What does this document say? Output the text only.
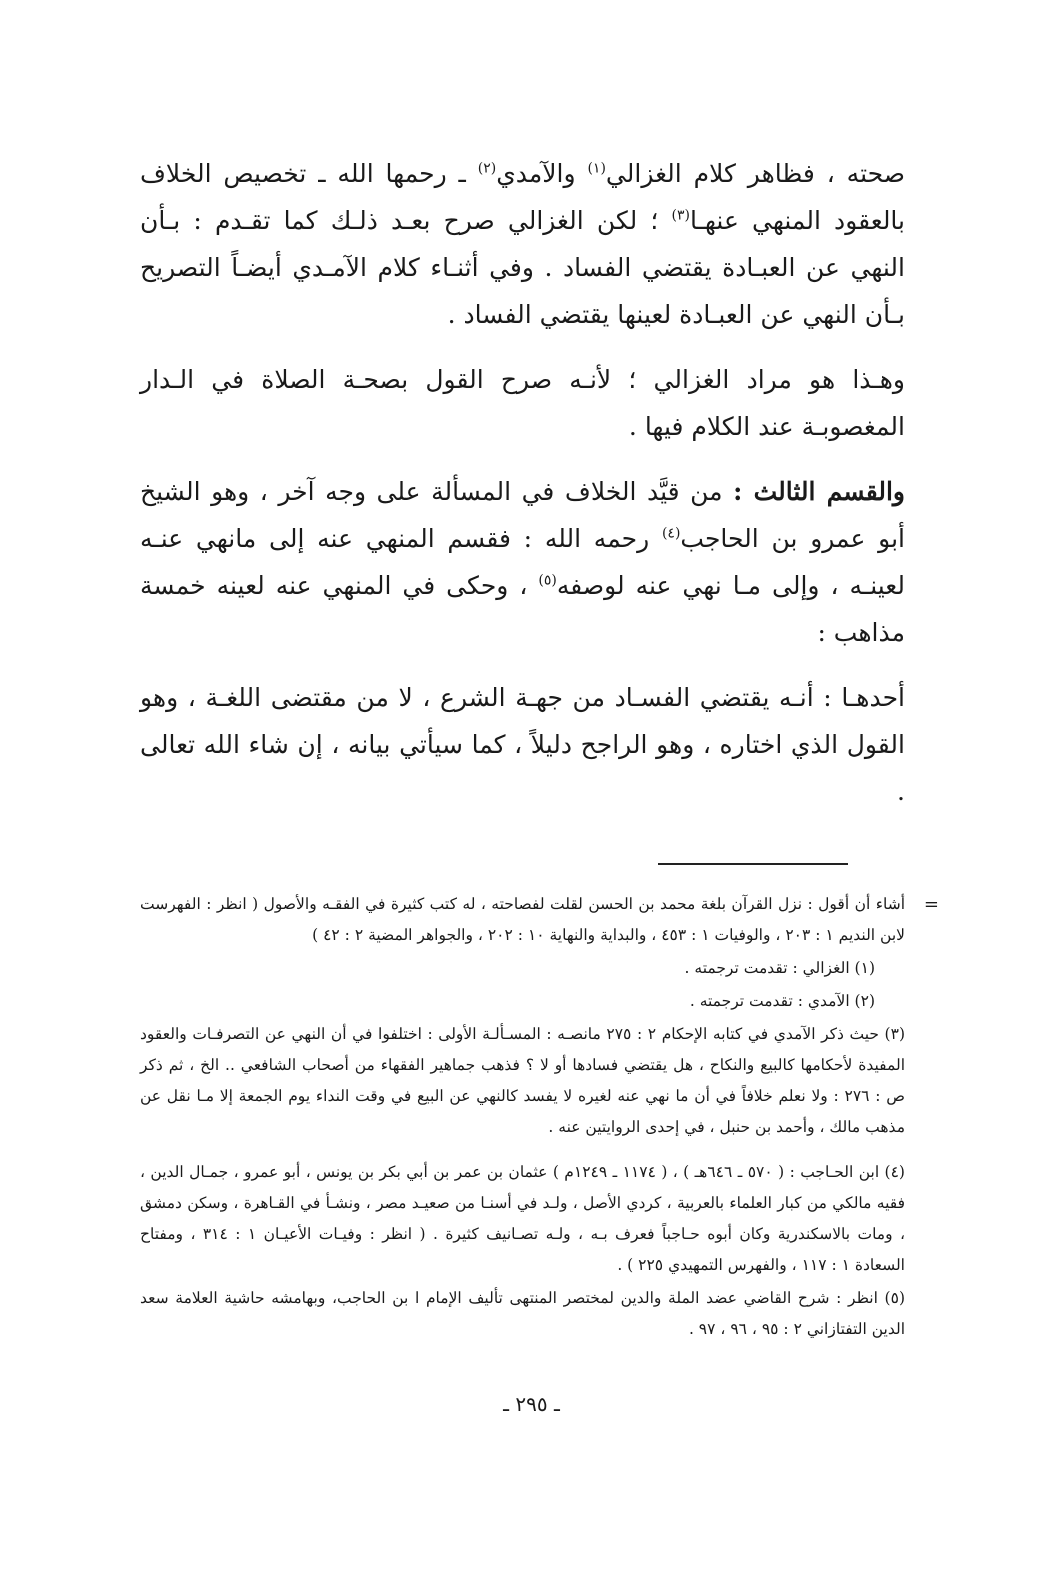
صحته ، فظاهر كلام الغزالي$^{(١)}$ والآمدي$^{(٢)}$ ـ رحمها الله ـ تخصيص الخلاف بالعقود المنهي عنهـا$^{(٣)}$ ؛ لكن الغزالي صرح بعـد ذلـك كما تقـدم : بـأن النهي عن العبـادة يقتضي الفساد . وفي أثنـاء كلام الآمـدي أيضـاً التصريح بـأن النهي عن العبـادة لعينها يقتضي الفساد .

وهـذا هو مراد الغزالي ؛ لأنـه صرح القول بصحـة الصلاة في الـدار المغصوبـة عند الكلام فيها .

والقسم الثالث : من قيَّد الخلاف في المسألة على وجه آخر ، وهو الشيخ أبو عمرو بن الحاجب$^{(٤)}$ رحمه الله : فقسم المنهي عنه إلى مانهي عنـه لعينـه ، وإلى مـا نهي عنه لوصفه$^{(٥)}$ ، وحكى في المنهي عنه لعينه خمسة مذاهب :

أحدهـا : أنـه يقتضي الفسـاد من جهـة الشرع ، لا من مقتضى اللغـة ، وهو القول الذي اختاره ، وهو الراجح دليلاً ، كما سيأتي بيانه ، إن شاء الله تعالى .

=
أشاء أن أقول : نزل القرآن بلغة محمد بن الحسن لقلت لفصاحته ، له كتب كثيرة في الفقـه والأصول ( انظر : الفهرست لابن النديم ١ : ٢٠٣ ، والوفيات ١ : ٤٥٣ ، والبداية والنهاية ١٠ : ٢٠٢ ، والجواهر المضية ٢ : ٤٢ )

(١) الغزالي : تقدمت ترجمته .

(٢) الآمدي : تقدمت ترجمته .

(٣) حيث ذكر الآمدي في كتابه الإحكام ٢ : ٢٧٥ مانصـه : المسـألـة الأولى : اختلفوا في أن النهي عن التصرفـات والعقود المفيدة لأحكامها كالبيع والنكاح ، هل يقتضي فسادها أو لا ؟ فذهب جماهير الفقهاء من أصحاب الشافعي .. الخ ، ثم ذكر ص : ٢٧٦ : ولا نعلم خلافاً في أن ما نهي عنه لغيره لا يفسد كالنهي عن البيع في وقت النداء يوم الجمعة إلا مـا نقل عن مذهب مالك ، وأحمد بن حنبل ، في إحدى الروايتين عنه .

(٤) ابن الحـاجب : ( ٥٧٠ ـ ٦٤٦هـ ) ، ( ١١٧٤ ـ ١٢٤٩م ) عثمان بن عمر بن أبي بكر بن يونس ، أبو عمرو ، جمـال الدين ، فقيه مالكي من كبار العلماء بالعربية ، كردي الأصل ، ولـد في أسنـا من صعيـد مصر ، ونشـأ في القـاهرة ، وسكن دمشق ، ومات بالاسكندرية وكان أبوه حـاجباً فعرف بـه ، ولـه تصـانيف كثيرة . ( انظر : وفيـات الأعيـان ١ : ٣١٤ ، ومفتاح السعادة ١ : ١١٧ ، والفهرس التمهيدي ٢٢٥ ) .

(٥) انظر : شرح القاضي عضد الملة والدين لمختصر المنتهى تأليف الإمام ا بن الحاجب، وبهامشه حاشية العلامة سعد الدين التفتازاني ٢ : ٩٥ ، ٩٦ ، ٩٧ .

ـ ٢٩٥ ـ
